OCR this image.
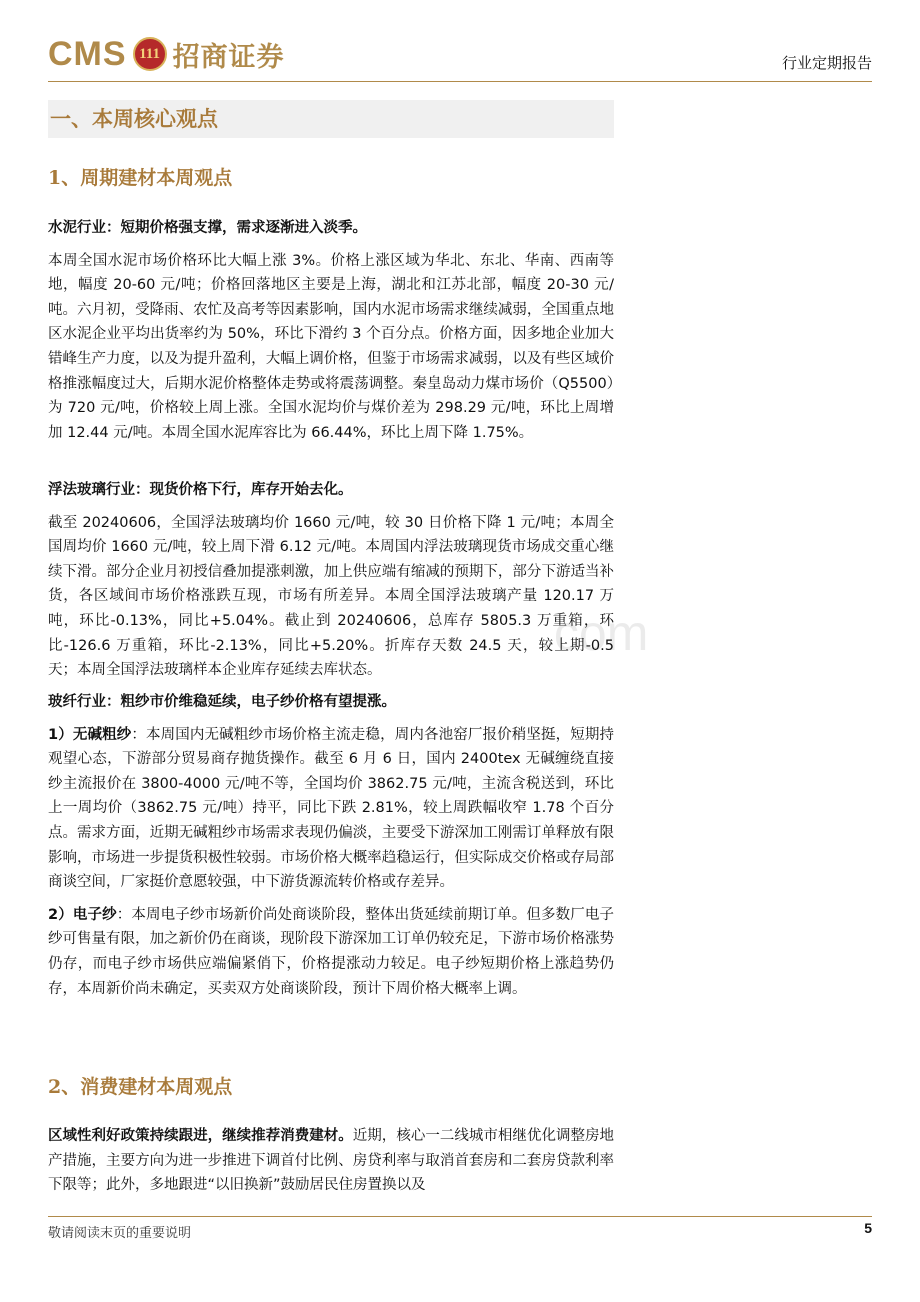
CMS 111 招商证券	行业定期报告
一、本周核心观点
1、周期建材本周观点

水泥行业：短期价格强支撑，需求逐渐进入淡季。

本周全国水泥市场价格环比大幅上涨 3%。价格上涨区域为华北、东北、华南、西南等地，幅度 20-60 元/吨；价格回落地区主要是上海，湖北和江苏北部，幅度 20-30 元/吨。六月初，受降雨、农忙及高考等因素影响，国内水泥市场需求继续减弱，全国重点地区水泥企业平均出货率约为 50%，环比下滑约 3 个百分点。价格方面，因多地企业加大错峰生产力度，以及为提升盈利，大幅上调价格，但鉴于市场需求减弱，以及有些区域价格推涨幅度过大，后期水泥价格整体走势或将震荡调整。秦皇岛动力煤市场价（Q5500）为 720 元/吨，价格较上周上涨。全国水泥均价与煤价差为 298.29 元/吨，环比上周增加 12.44 元/吨。本周全国水泥库容比为 66.44%，环比上周下降 1.75%。

浮法玻璃行业：现货价格下行，库存开始去化。

截至 20240606，全国浮法玻璃均价 1660 元/吨，较 30 日价格下降 1 元/吨；本周全国周均价 1660 元/吨，较上周下滑 6.12 元/吨。本周国内浮法玻璃现货市场成交重心继续下滑。部分企业月初授信叠加提涨刺激，加上供应端有缩减的预期下，部分下游适当补货，各区域间市场价格涨跌互现，市场有所差异。本周全国浮法玻璃产量 120.17 万吨，环比-0.13%，同比+5.04%。截止到 20240606，总库存 5805.3 万重箱，环比-126.6 万重箱，环比-2.13%，同比+5.20%。折库存天数 24.5 天，较上期-0.5 天；本周全国浮法玻璃样本企业库存延续去库状态。

玻纤行业：粗纱市价维稳延续，电子纱价格有望提涨。

1）无碱粗纱：本周国内无碱粗纱市场价格主流走稳，周内各池窑厂报价稍坚挺，短期持观望心态，下游部分贸易商存抛货操作。截至 6 月 6 日，国内 2400tex 无碱缠绕直接纱主流报价在 3800-4000 元/吨不等，全国均价 3862.75 元/吨，主流含税送到，环比上一周均价（3862.75 元/吨）持平，同比下跌 2.81%，较上周跌幅收窄 1.78 个百分点。需求方面，近期无碱粗纱市场需求表现仍偏淡，主要受下游深加工刚需订单释放有限影响，市场进一步提货积极性较弱。市场价格大概率趋稳运行，但实际成交价格或存局部商谈空间，厂家挺价意愿较强，中下游货源流转价格或存差异。

2）电子纱：本周电子纱市场新价尚处商谈阶段，整体出货延续前期订单。但多数厂电子纱可售量有限，加之新价仍在商谈，现阶段下游深加工订单仍较充足，下游市场价格涨势仍存，而电子纱市场供应端偏紧俏下，价格提涨动力较足。电子纱短期价格上涨趋势仍存，本周新价尚未确定，买卖双方处商谈阶段，预计下周价格大概率上调。

2、消费建材本周观点

区域性利好政策持续跟进，继续推荐消费建材。近期，核心一二线城市相继优化调整房地产措施，主要方向为进一步推进下调首付比例、房贷利率与取消首套房和二套房贷款利率下限等；此外，多地跟进“以旧换新”鼓励居民住房置换以及

.com
敬请阅读末页的重要说明	5
